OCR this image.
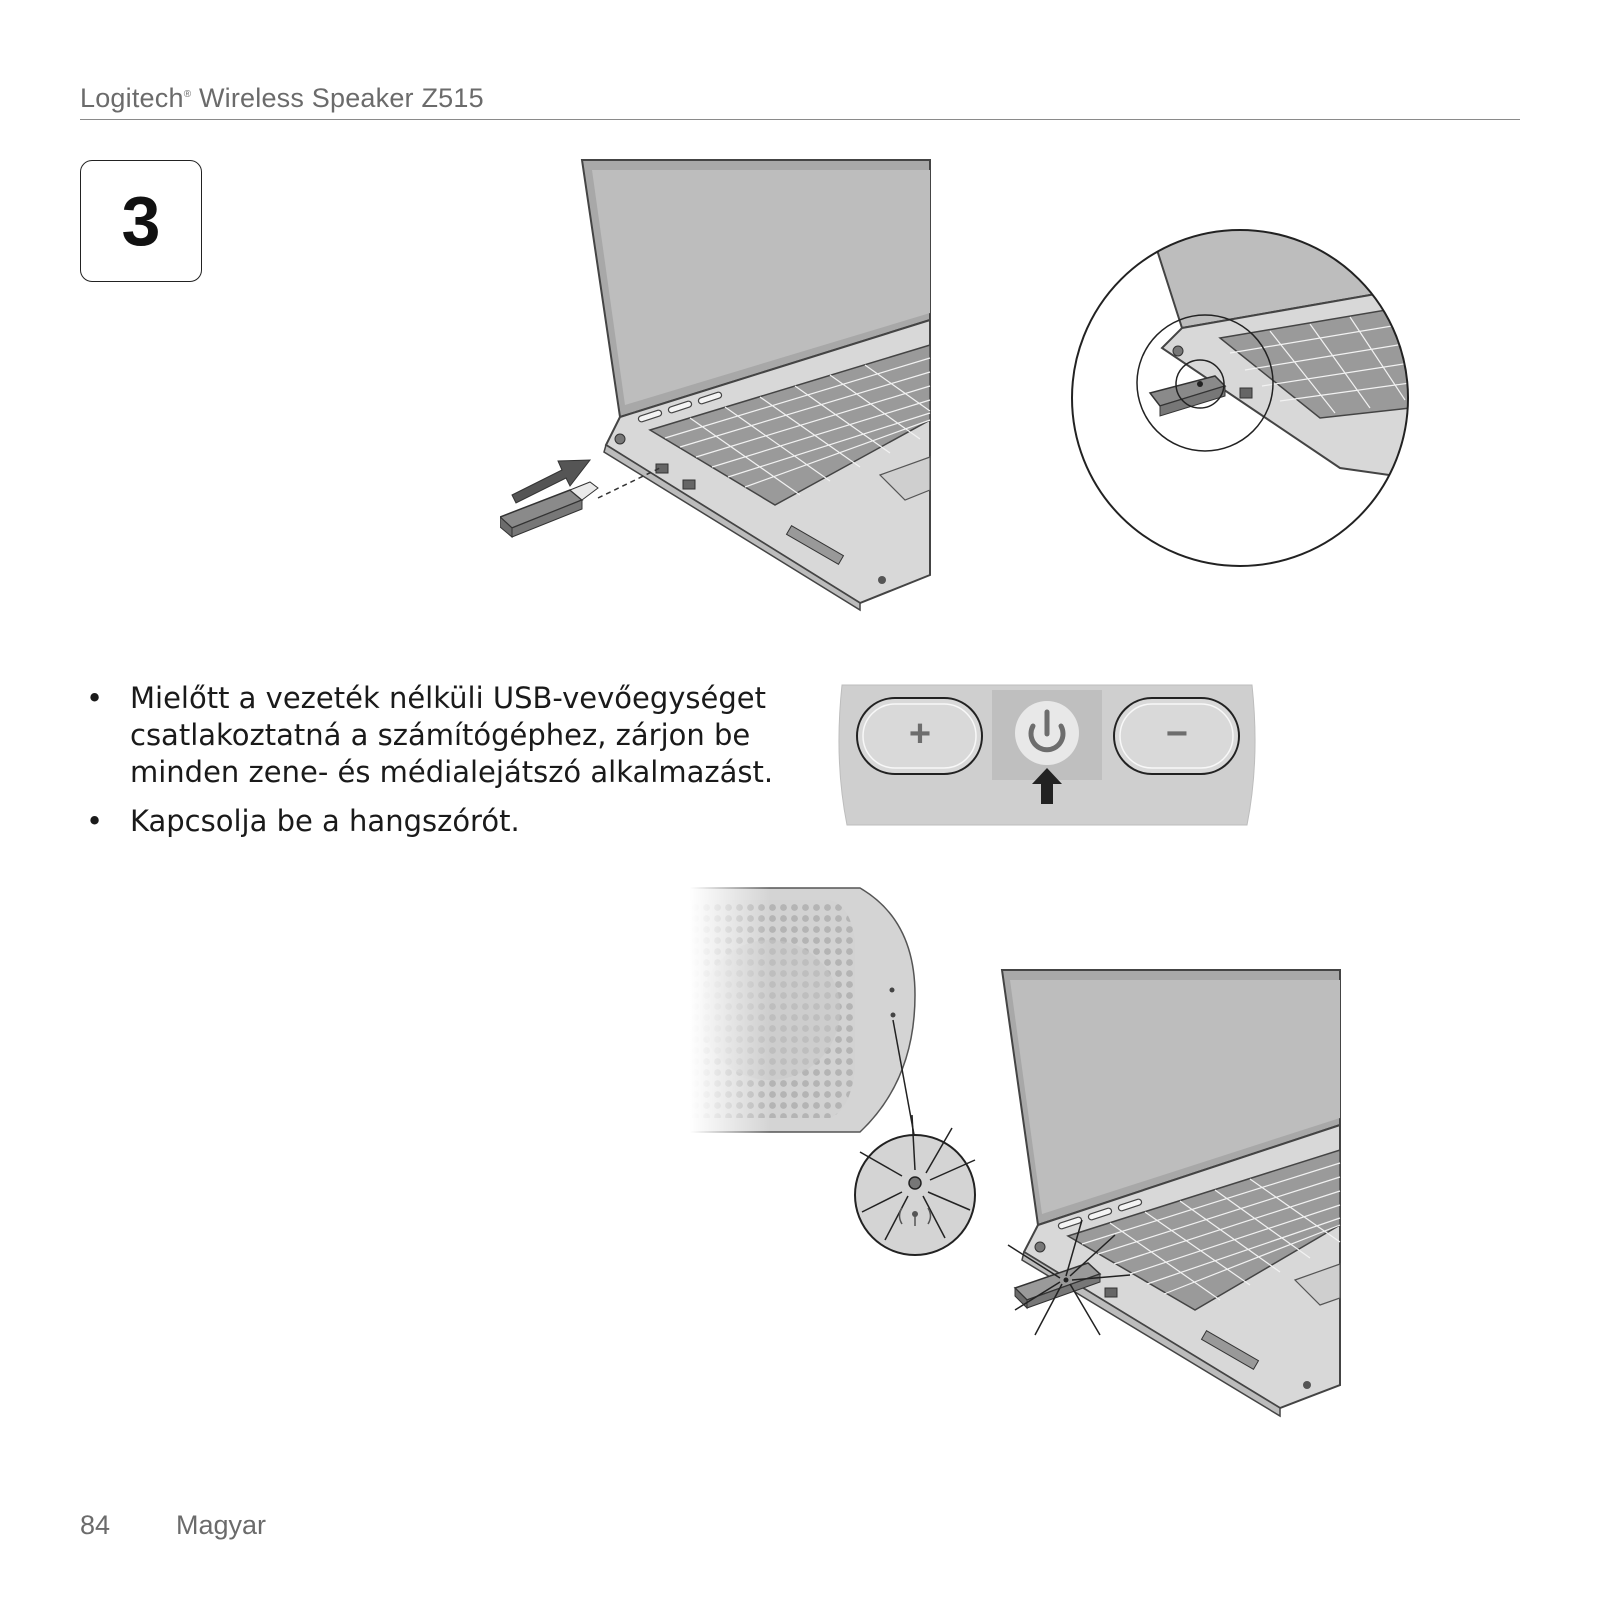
Logitech® Wireless Speaker Z515
3
+	−
• Mielőtt a vezeték nélküli USB-vevőegységet csatlakoztatná a számítógéphez, zárjon be minden zene- és médialejátszó alkalmazást.
• Kapcsolja be a hangszórót.
84 Magyar
